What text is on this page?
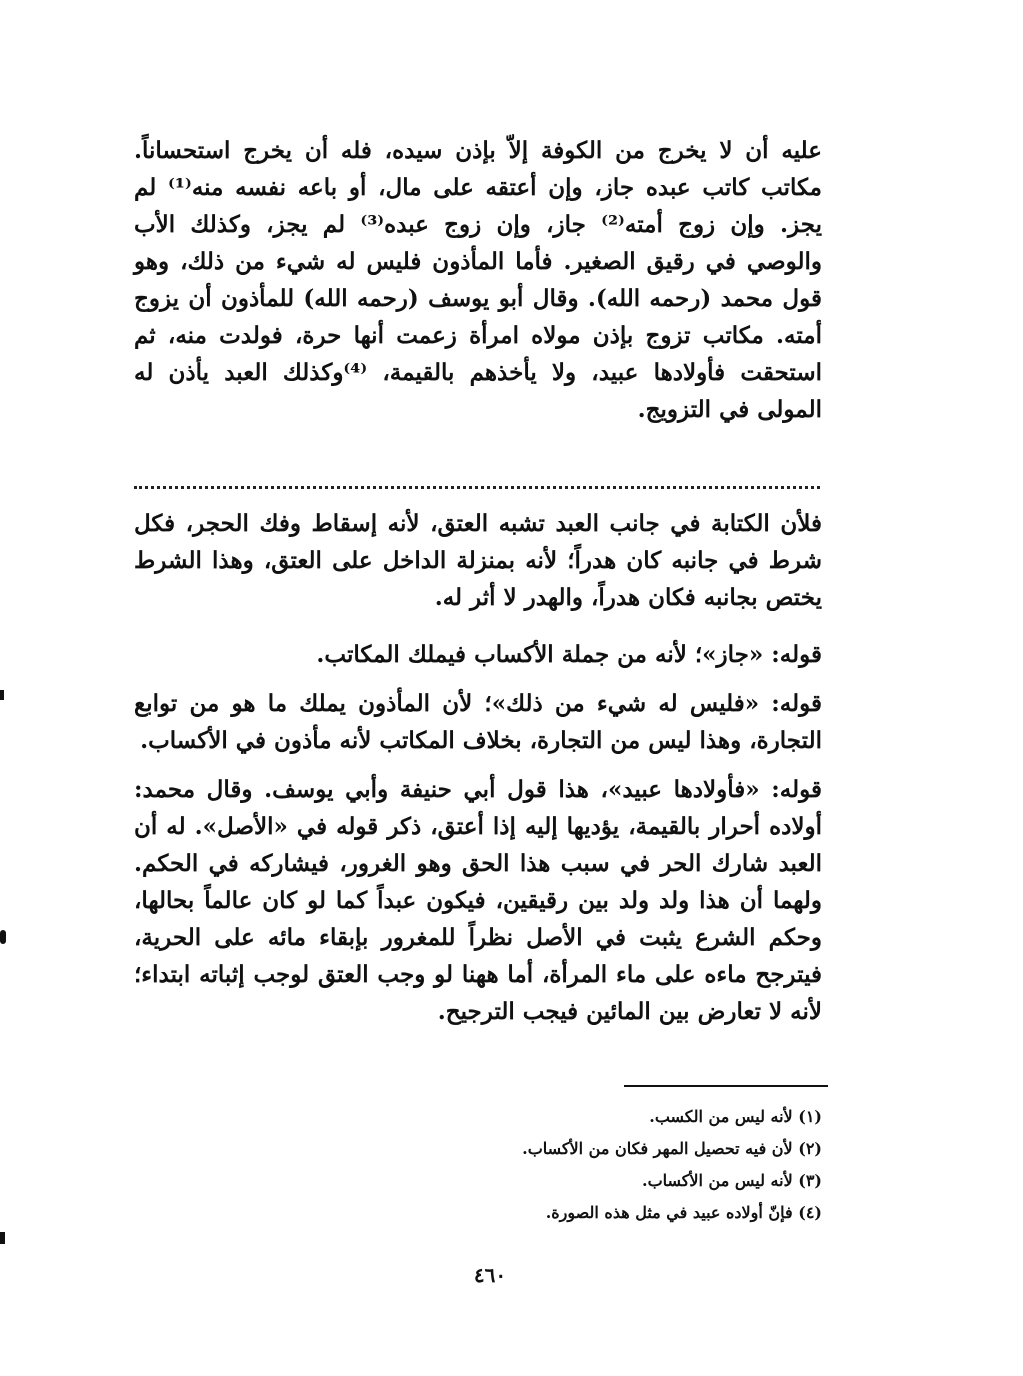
عليه أن لا يخرج من الكوفة إلاّ بإذن سيده، فله أن يخرج استحساناً. مكاتب كاتب عبده جاز، وإن أعتقه على مال، أو باعه نفسه منه⁽¹⁾ لم يجز. وإن زوج أمته⁽²⁾ جاز، وإن زوج عبده⁽³⁾ لم يجز، وكذلك الأب والوصي في رقيق الصغير. فأما المأذون فليس له شيء من ذلك، وهو قول محمد (رحمه الله). وقال أبو يوسف (رحمه الله) للمأذون أن يزوج أمته. مكاتب تزوج بإذن مولاه امرأة زعمت أنها حرة، فولدت منه، ثم استحقت فأولادها عبيد، ولا يأخذهم بالقيمة، ⁽⁴⁾وكذلك العبد يأذن له المولى في التزويج.

فلأن الكتابة في جانب العبد تشبه العتق، لأنه إسقاط وفك الحجر، فكل شرط في جانبه كان هدراً؛ لأنه بمنزلة الداخل على العتق، وهذا الشرط يختص بجانبه فكان هدراً، والهدر لا أثر له.

قوله: «جاز»؛ لأنه من جملة الأكساب فيملك المكاتب.

قوله: «فليس له شيء من ذلك»؛ لأن المأذون يملك ما هو من توابع التجارة، وهذا ليس من التجارة، بخلاف المكاتب لأنه مأذون في الأكساب.

قوله: «فأولادها عبيد»، هذا قول أبي حنيفة وأبي يوسف. وقال محمد: أولاده أحرار بالقيمة، يؤديها إليه إذا أعتق، ذكر قوله في «الأصل». له أن العبد شارك الحر في سبب هذا الحق وهو الغرور، فيشاركه في الحكم. ولهما أن هذا ولد ولد بين رقيقين، فيكون عبداً كما لو كان عالماً بحالها، وحكم الشرع يثبت في الأصل نظراً للمغرور بإبقاء مائه على الحرية، فيترجح ماءه على ماء المرأة، أما ههنا لو وجب العتق لوجب إثباته ابتداء؛ لأنه لا تعارض بين المائين فيجب الترجيح.

(١) لأنه ليس من الكسب.
(٢) لأن فيه تحصيل المهر فكان من الأكساب.
(٣) لأنه ليس من الأكساب.
(٤) فإنّ أولاده عبيد في مثل هذه الصورة.
٤٦٠
